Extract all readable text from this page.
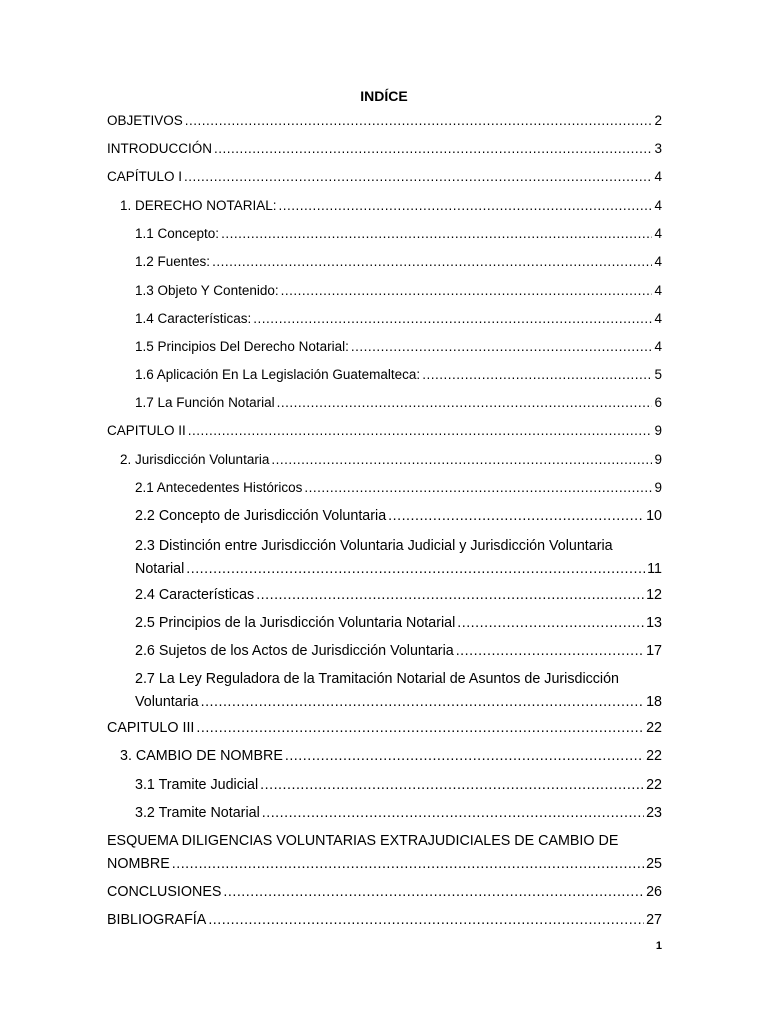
INDÍCE
OBJETIVOS .....	2
INTRODUCCIÓN .....	3
CAPÍTULO I .....	4
1. DERECHO NOTARIAL: .....	4
1.1 Concepto: .....	4
1.2 Fuentes: .....	4
1.3 Objeto Y Contenido: .....	4
1.4 Características: .....	4
1.5 Principios Del Derecho Notarial: .....	4
1.6 Aplicación En La Legislación Guatemalteca: .....	5
1.7 La Función Notarial .....	6
CAPITULO II .....	9
2. Jurisdicción Voluntaria .....	9
2.1 Antecedentes Históricos .....	9
2.2 Concepto de Jurisdicción Voluntaria .....	10
2.3 Distinción entre Jurisdicción Voluntaria Judicial y Jurisdicción Voluntaria
Notarial .....	11
2.4 Características .....	12
2.5 Principios de la Jurisdicción Voluntaria Notarial .....	13
2.6 Sujetos de los Actos de Jurisdicción Voluntaria .....	17
2.7 La Ley Reguladora de la Tramitación Notarial de Asuntos de Jurisdicción
Voluntaria .....	18
CAPITULO III .....	22
3. CAMBIO DE NOMBRE .....	22
3.1 Tramite Judicial .....	22
3.2 Tramite Notarial .....	23
ESQUEMA DILIGENCIAS VOLUNTARIAS EXTRAJUDICIALES DE CAMBIO DE
NOMBRE .....	25
CONCLUSIONES .....	26
BIBLIOGRAFÍA .....	27
1
